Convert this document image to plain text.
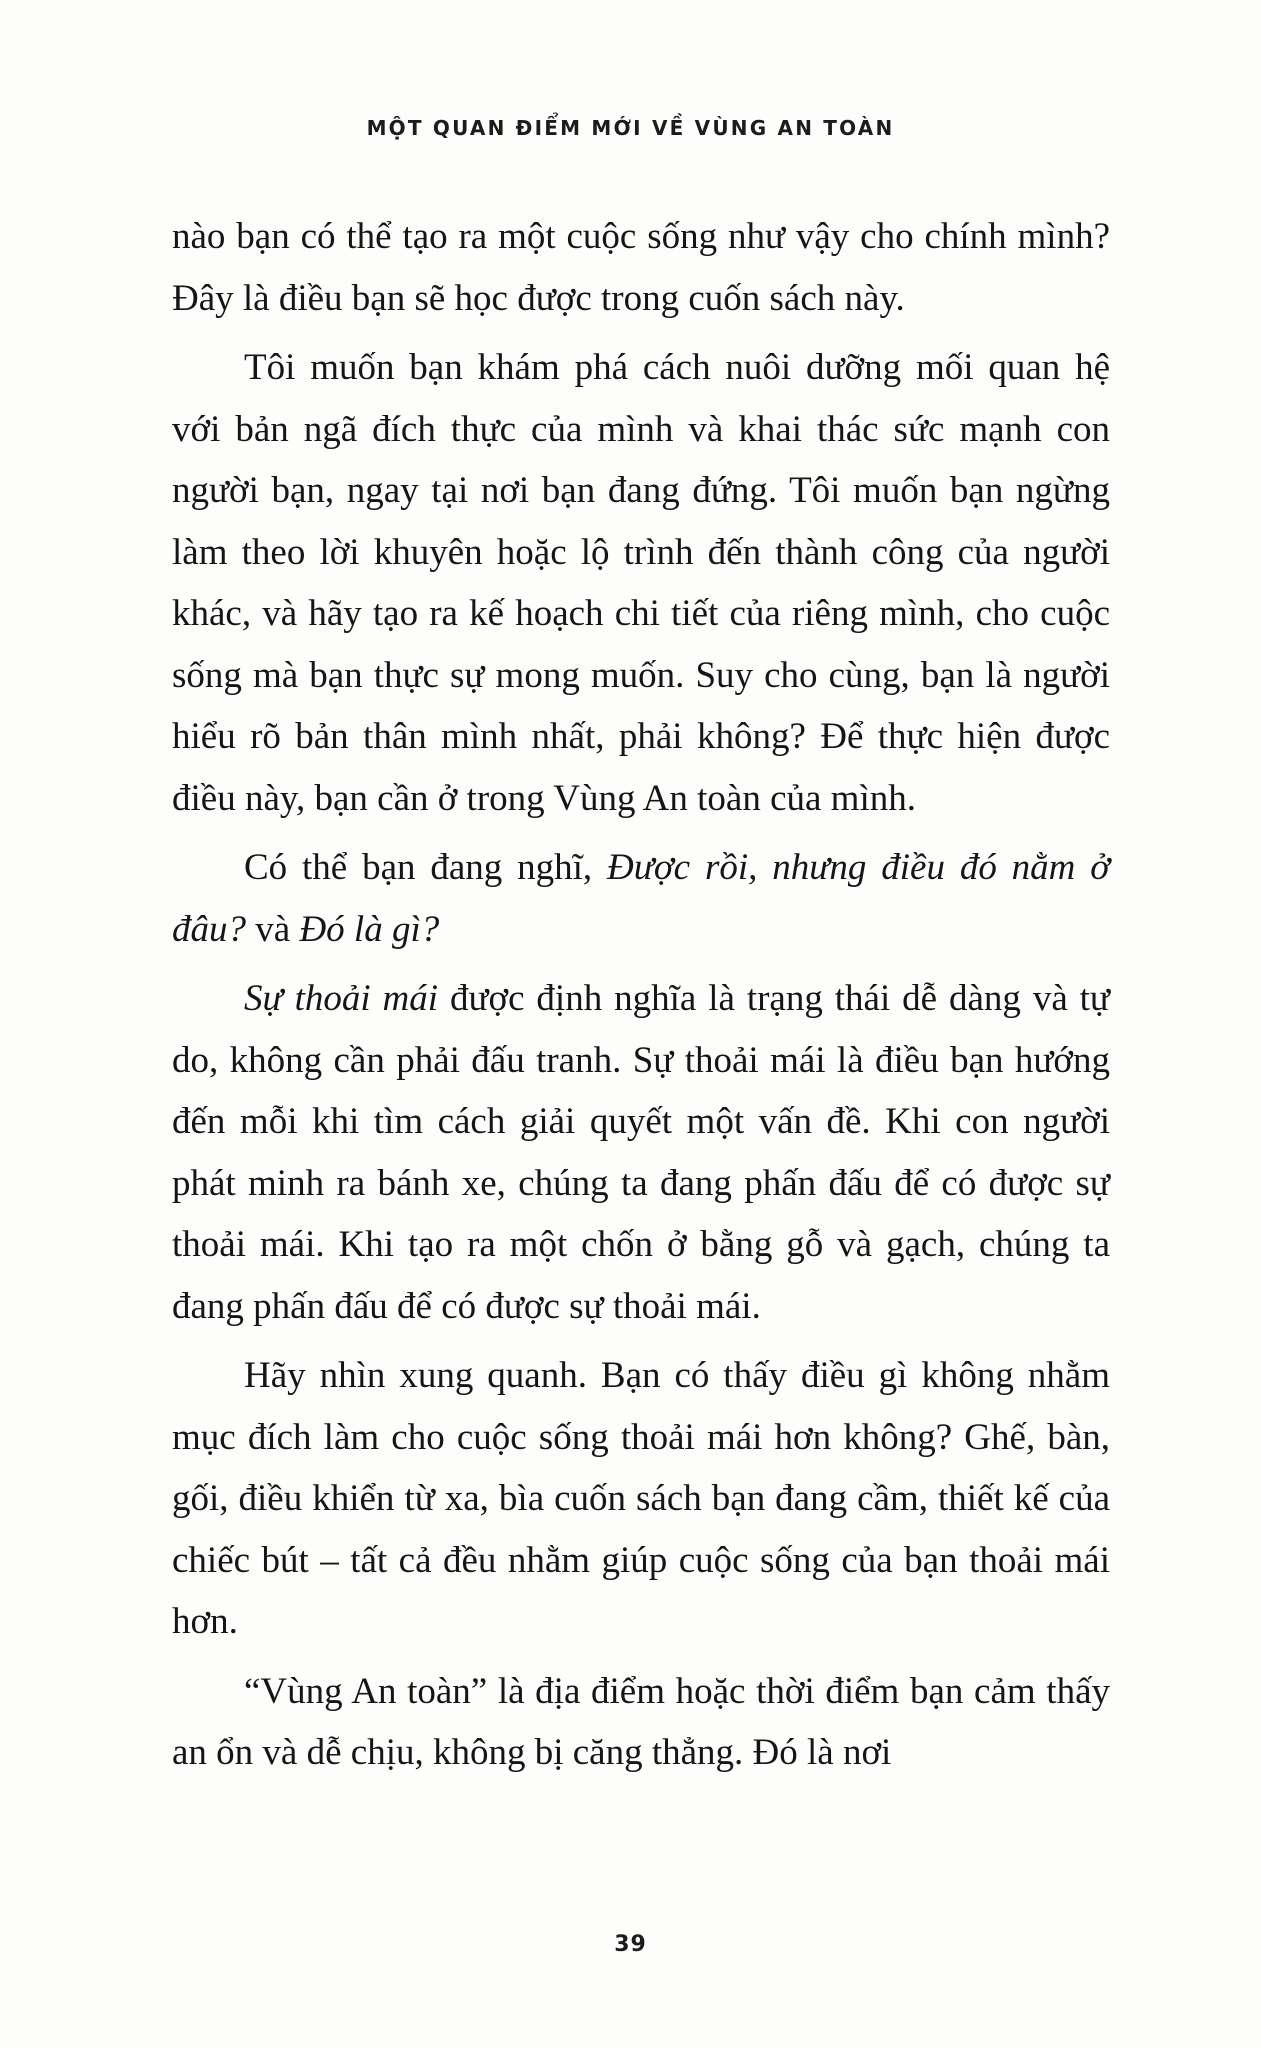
MỘT QUAN ĐIỂM MỚI VỀ VÙNG AN TOÀN

nào bạn có thể tạo ra một cuộc sống như vậy cho chính mình? Đây là điều bạn sẽ học được trong cuốn sách này.

Tôi muốn bạn khám phá cách nuôi dưỡng mối quan hệ với bản ngã đích thực của mình và khai thác sức mạnh con người bạn, ngay tại nơi bạn đang đứng. Tôi muốn bạn ngừng làm theo lời khuyên hoặc lộ trình đến thành công của người khác, và hãy tạo ra kế hoạch chi tiết của riêng mình, cho cuộc sống mà bạn thực sự mong muốn. Suy cho cùng, bạn là người hiểu rõ bản thân mình nhất, phải không? Để thực hiện được điều này, bạn cần ở trong Vùng An toàn của mình.

Có thể bạn đang nghĩ, Được rồi, nhưng điều đó nằm ở đâu? và Đó là gì?

Sự thoải mái được định nghĩa là trạng thái dễ dàng và tự do, không cần phải đấu tranh. Sự thoải mái là điều bạn hướng đến mỗi khi tìm cách giải quyết một vấn đề. Khi con người phát minh ra bánh xe, chúng ta đang phấn đấu để có được sự thoải mái. Khi tạo ra một chốn ở bằng gỗ và gạch, chúng ta đang phấn đấu để có được sự thoải mái.

Hãy nhìn xung quanh. Bạn có thấy điều gì không nhằm mục đích làm cho cuộc sống thoải mái hơn không? Ghế, bàn, gối, điều khiển từ xa, bìa cuốn sách bạn đang cầm, thiết kế của chiếc bút – tất cả đều nhằm giúp cuộc sống của bạn thoải mái hơn.

“Vùng An toàn” là địa điểm hoặc thời điểm bạn cảm thấy an ổn và dễ chịu, không bị căng thẳng. Đó là nơi

39
